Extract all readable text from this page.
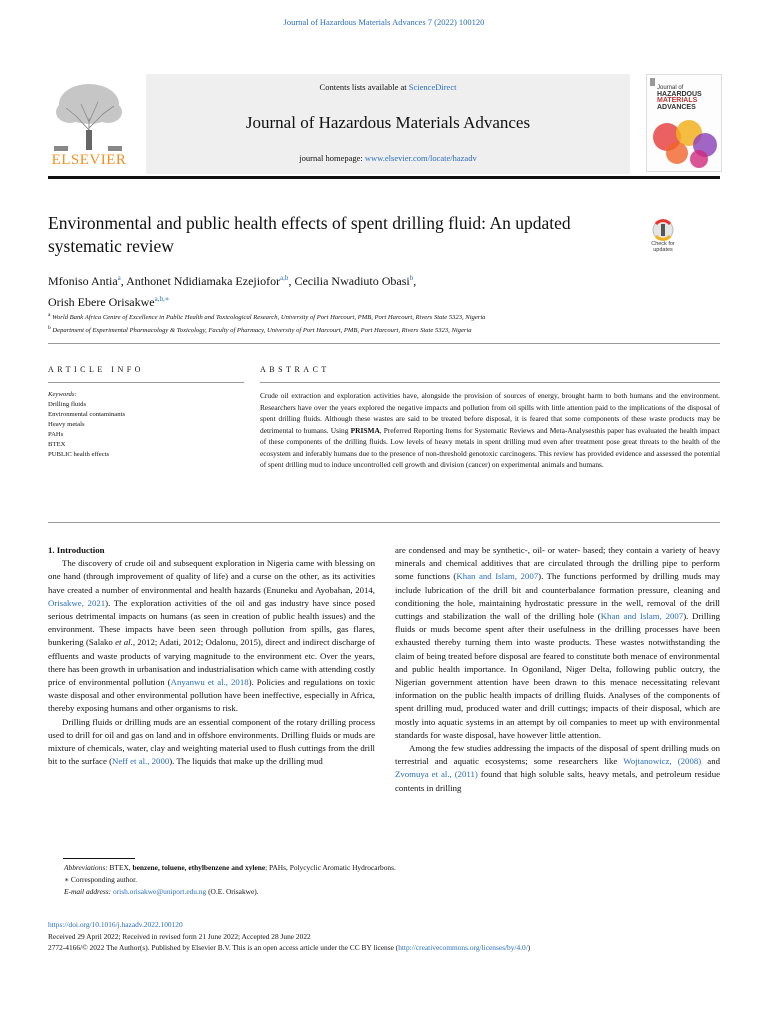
Journal of Hazardous Materials Advances 7 (2022) 100120
ELSEVIER
Contents lists available at ScienceDirect
Journal of Hazardous Materials Advances
journal homepage: www.elsevier.com/locate/hazadv
Journal of
HAZARDOUS
MATERIALS
ADVANCES
Environmental and public health effects of spent drilling fluid: An updated systematic review	Check for
updates
Mfoniso Antia$^a$, Anthonet Ndidiamaka Ezejiofor$^{a,b}$, Cecilia Nwadiuto Obasi$^b$,
Orish Ebere Orisakwe$^{a,b,∗}$
$^a$ World Bank Africa Centre of Excellence in Public Health and Toxicological Research, University of Port Harcourt, PMB, Port Harcourt, Rivers State 5323, Nigeria
$^b$ Department of Experimental Pharmacology & Toxicology, Faculty of Pharmacy, University of Port Harcourt, PMB, Port Harcourt, Rivers State 5323, Nigeria
ARTICLE INFO	ABSTRACT
Keywords:
Drilling fluids
Environmental contaminants
Heavy metals
PAHs
BTEX
PUBLIC health effects
Crude oil extraction and exploration activities have, alongside the provision of sources of energy, brought harm to both humans and the environment. Researchers have over the years explored the negative impacts and pollution from oil spills with little attention paid to the implications of the disposal of spent drilling fluids. Although these wastes are said to be treated before disposal, it is feared that some components of these waste products may be detrimental to humans. Using PRISMA, Preferred Reporting Items for Systematic Reviews and Meta-Analysesthis paper has evaluated the health impact of these components of the drilling fluids. Low levels of heavy metals in spent drilling mud even after treatment pose great threats to the health of the ecosystem and inferably humans due to the presence of non-threshold genotoxic carcinogens. This review has provided evidence and assessed the potential of spent drilling mud to induce uncontrolled cell growth and division (cancer) on experimental animals and humans.

1. Introduction

The discovery of crude oil and subsequent exploration in Nigeria came with blessing on one hand (through improvement of quality of life) and a curse on the other, as its activities have created a number of environmental and health hazards (Enuneku and Ayobahan, 2014, Orisakwe, 2021). The exploration activities of the oil and gas industry have since posed serious detrimental impacts on humans (as seen in creation of public health issues) and the environment. These impacts have been seen through pollution from spills, gas flares, bunkering (Salako et al., 2012; Adati, 2012; Odalonu, 2015), direct and indirect discharge of effluents and waste products of varying magnitude to the environment etc. Over the years, there has been growth in urbanisation and industrialisation which came with attending costly price of environmental pollution (Anyanwu et al., 2018). Policies and regulations on toxic waste disposal and other environmental pollution have been ineffective, especially in Africa, thereby exposing humans and other organisms to risk.

Drilling fluids or drilling muds are an essential component of the rotary drilling process used to drill for oil and gas on land and in offshore environments. Drilling fluids or muds are mixture of chemicals, water, clay and weighting material used to flush cuttings from the drill bit to the surface (Neff et al., 2000). The liquids that make up the drilling mud

are condensed and may be synthetic-, oil- or water- based; they contain a variety of heavy minerals and chemical additives that are circulated through the drilling pipe to perform some functions (Khan and Islam, 2007). The functions performed by drilling muds may include lubrication of the drill bit and counterbalance formation pressure, cleaning and conditioning the hole, maintaining hydrostatic pressure in the well, removal of the drill cuttings and stabilization the wall of the drilling hole (Khan and Islam, 2007). Drilling fluids or muds become spent after their usefulness in the drilling processes have been exhausted thereby turning them into waste products. These wastes notwithstanding the claim of being treated before disposal are feared to constitute both menace of environmental and public health importance. In Ogoniland, Niger Delta, following public outcry, the Nigerian government attention have been drawn to this menace necessitating relevant information on the public health impacts of drilling fluids. Analyses of the components of spent drilling mud, produced water and drill cuttings; impacts of their disposal, which are mostly into aquatic systems in an attempt by oil companies to meet up with environmental standards for waste disposal, have however little attention.

Among the few studies addressing the impacts of the disposal of spent drilling muds on terrestrial and aquatic ecosystems; some researchers like Wojtanowicz, (2008) and Zvomuya et al., (2011) found that high soluble salts, heavy metals, and petroleum residue contents in drilling

Abbreviations: BTEX, benzene, toluene, ethylbenzene and xylene; PAHs, Polycyclic Aromatic Hydrocarbons.
∗ Corresponding author.
E-mail address: orish.orisakwe@uniport.edu.ng (O.E. Orisakwe).
https://doi.org/10.1016/j.hazadv.2022.100120
Received 29 April 2022; Received in revised form 21 June 2022; Accepted 28 June 2022
2772-4166/© 2022 The Author(s). Published by Elsevier B.V. This is an open access article under the CC BY license (http://creativecommons.org/licenses/by/4.0/)
